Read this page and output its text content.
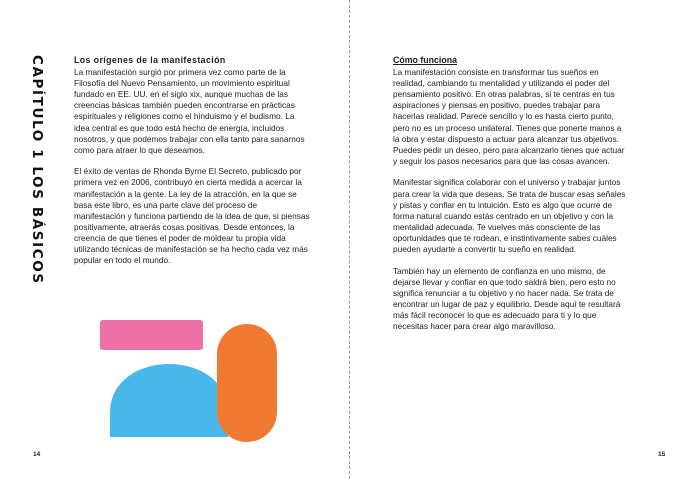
CAPÍTULO 1 LOS BÁSICOS	Los orígenes de la manifestación

La manifestación surgió por primera vez como parte de la Filosofía del Nuevo Pensamiento, un movimiento espiritual fundado en EE. UU. en el siglo xix, aunque muchas de las creencias básicas también pueden encontrarse en prácticas espirituales y religiones como el hinduismo y el budismo. La idea central es que todo está hecho de energía, incluidos nosotros, y que podemos trabajar con ella tanto para sanarnos como para atraer lo que deseamos.

El éxito de ventas de Rhonda Byrne El Secreto, publicado por primera vez en 2006, contribuyó en cierta medida a acercar la manifestación a la gente. La ley de la atracción, en la que se basa este libro, es una parte clave del proceso de manifestación y funciona partiendo de la idea de que, si piensas positivamente, atraerás cosas positivas. Desde entonces, la creencia de que tienes el poder de moldear tu propia vida utilizando técnicas de manifestación se ha hecho cada vez más popular en todo el mundo.

14
Cómo funciona

La manifestación consiste en transformar tus sueños en realidad, cambiando tu mentalidad y utilizando el poder del pensamiento positivo. En otras palabras, si te centras en tus aspiraciones y piensas en positivo, puedes trabajar para hacerlas realidad. Parece sencillo y lo es hasta cierto punto, pero no es un proceso unilateral. Tienes que ponerte manos a la obra y estar dispuesto a actuar para alcanzar tus objetivos. Puedes pedir un deseo, pero para alcanzarlo tienes que actuar y seguir los pasos necesarios para que las cosas avancen.

Manifestar significa colaborar con el universo y trabajar juntos para crear la vida que deseas. Se trata de buscar esas señales y pistas y confiar en tu intuición. Esto es algo que ocurre de forma natural cuando estás centrado en un objetivo y con la mentalidad adecuada. Te vuelves más consciente de las oportunidades que te rodean, e instintivamente sabes cuáles pueden ayudarte a convertir tu sueño en realidad.

También hay un elemento de confianza en uno mismo, de dejarse llevar y confiar en que todo saldrá bien, pero esto no significa renunciar a tu objetivo y no hacer nada. Se trata de encontrar un lugar de paz y equilibrio. Desde aquí te resultará más fácil reconocer lo que es adecuado para ti y lo que necesitas hacer para crear algo maravilloso.

15
